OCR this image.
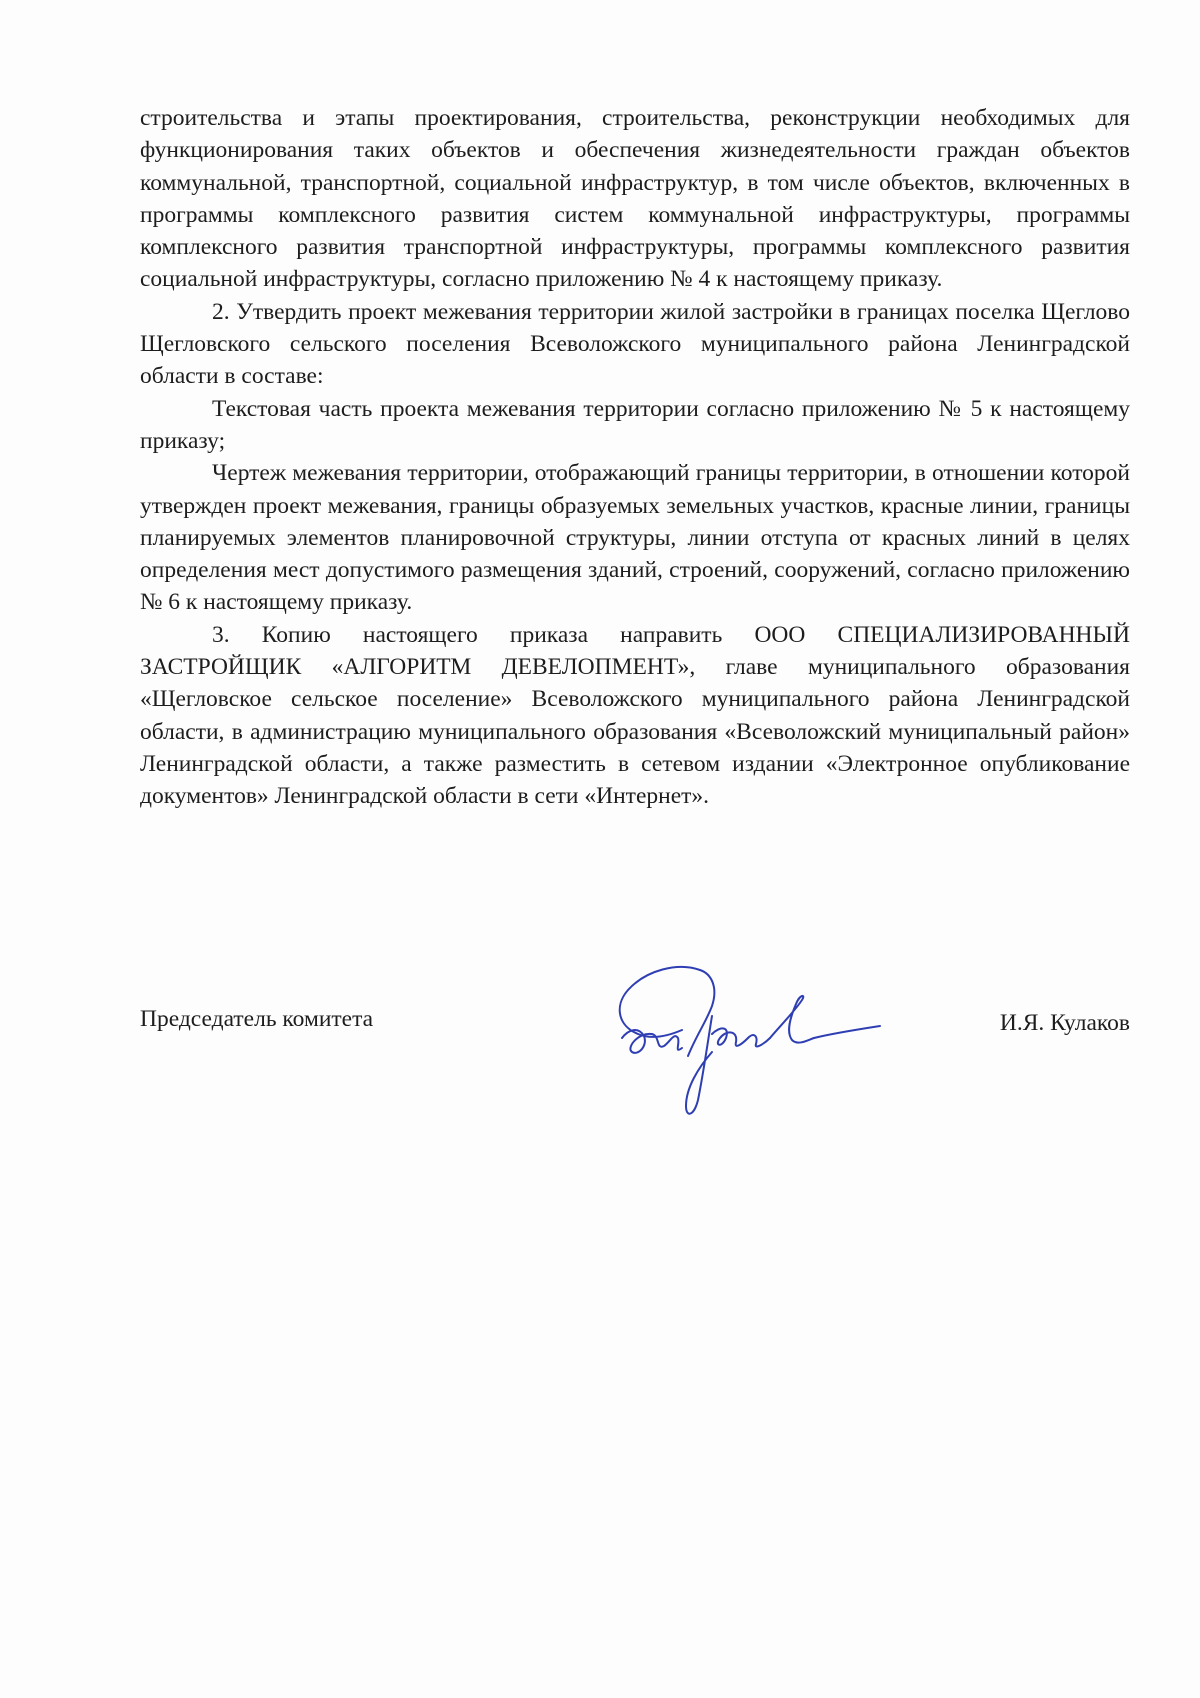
строительства и этапы проектирования, строительства, реконструкции необходимых для функционирования таких объектов и обеспечения жизнедеятельности граждан объектов коммунальной, транспортной, социальной инфраструктур, в том числе объектов, включенных в программы комплексного развития систем коммунальной инфраструктуры, программы комплексного развития транспортной инфраструктуры, программы комплексного развития социальной инфраструктуры, согласно приложению № 4 к настоящему приказу.

2. Утвердить проект межевания территории жилой застройки в границах поселка Щеглово Щегловского сельского поселения Всеволожского муниципального района Ленинградской области в составе:

Текстовая часть проекта межевания территории согласно приложению № 5 к настоящему приказу;

Чертеж межевания территории, отображающий границы территории, в отношении которой утвержден проект межевания, границы образуемых земельных участков, красные линии, границы планируемых элементов планировочной структуры, линии отступа от красных линий в целях определения мест допустимого размещения зданий, строений, сооружений, согласно приложению № 6 к настоящему приказу.

3. Копию настоящего приказа направить ООО СПЕЦИАЛИЗИРОВАННЫЙ ЗАСТРОЙЩИК «АЛГОРИТМ ДЕВЕЛОПМЕНТ», главе муниципального образования «Щегловское сельское поселение» Всеволожского муниципального района Ленинградской области, в администрацию муниципального образования «Всеволожский муниципальный район» Ленинградской области, а также разместить в сетевом издании «Электронное опубликование документов» Ленинградской области в сети «Интернет».

Председатель комитета	И.Я. Кулаков
